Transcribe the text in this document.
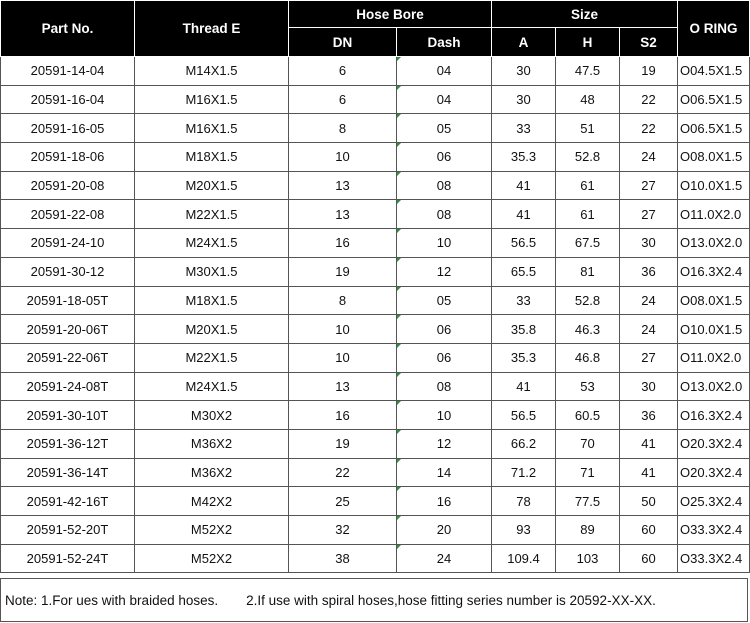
Part No.	Thread E	Hose Bore		Size			O RING
		DN	Dash	A	H	S2	
20591-14-04	M14X1.5	6	04	30	47.5	19	O04.5X1.5
20591-16-04	M16X1.5	6	04	30	48	22	O06.5X1.5
20591-16-05	M16X1.5	8	05	33	51	22	O06.5X1.5
20591-18-06	M18X1.5	10	06	35.3	52.8	24	O08.0X1.5
20591-20-08	M20X1.5	13	08	41	61	27	O10.0X1.5
20591-22-08	M22X1.5	13	08	41	61	27	O11.0X2.0
20591-24-10	M24X1.5	16	10	56.5	67.5	30	O13.0X2.0
20591-30-12	M30X1.5	19	12	65.5	81	36	O16.3X2.4
20591-18-05T	M18X1.5	8	05	33	52.8	24	O08.0X1.5
20591-20-06T	M20X1.5	10	06	35.8	46.3	24	O10.0X1.5
20591-22-06T	M22X1.5	10	06	35.3	46.8	27	O11.0X2.0
20591-24-08T	M24X1.5	13	08	41	53	30	O13.0X2.0
20591-30-10T	M30X2	16	10	56.5	60.5	36	O16.3X2.4
20591-36-12T	M36X2	19	12	66.2	70	41	O20.3X2.4
20591-36-14T	M36X2	22	14	71.2	71	41	O20.3X2.4
20591-42-16T	M42X2	25	16	78	77.5	50	O25.3X2.4
20591-52-20T	M52X2	32	20	93	89	60	O33.3X2.4
20591-52-24T	M52X2	38	24	109.4	103	60	O33.3X2.4
Note: 1.For ues with braided hoses. 2.If use with spiral hoses,hose fitting series number is 20592-XX-XX.
